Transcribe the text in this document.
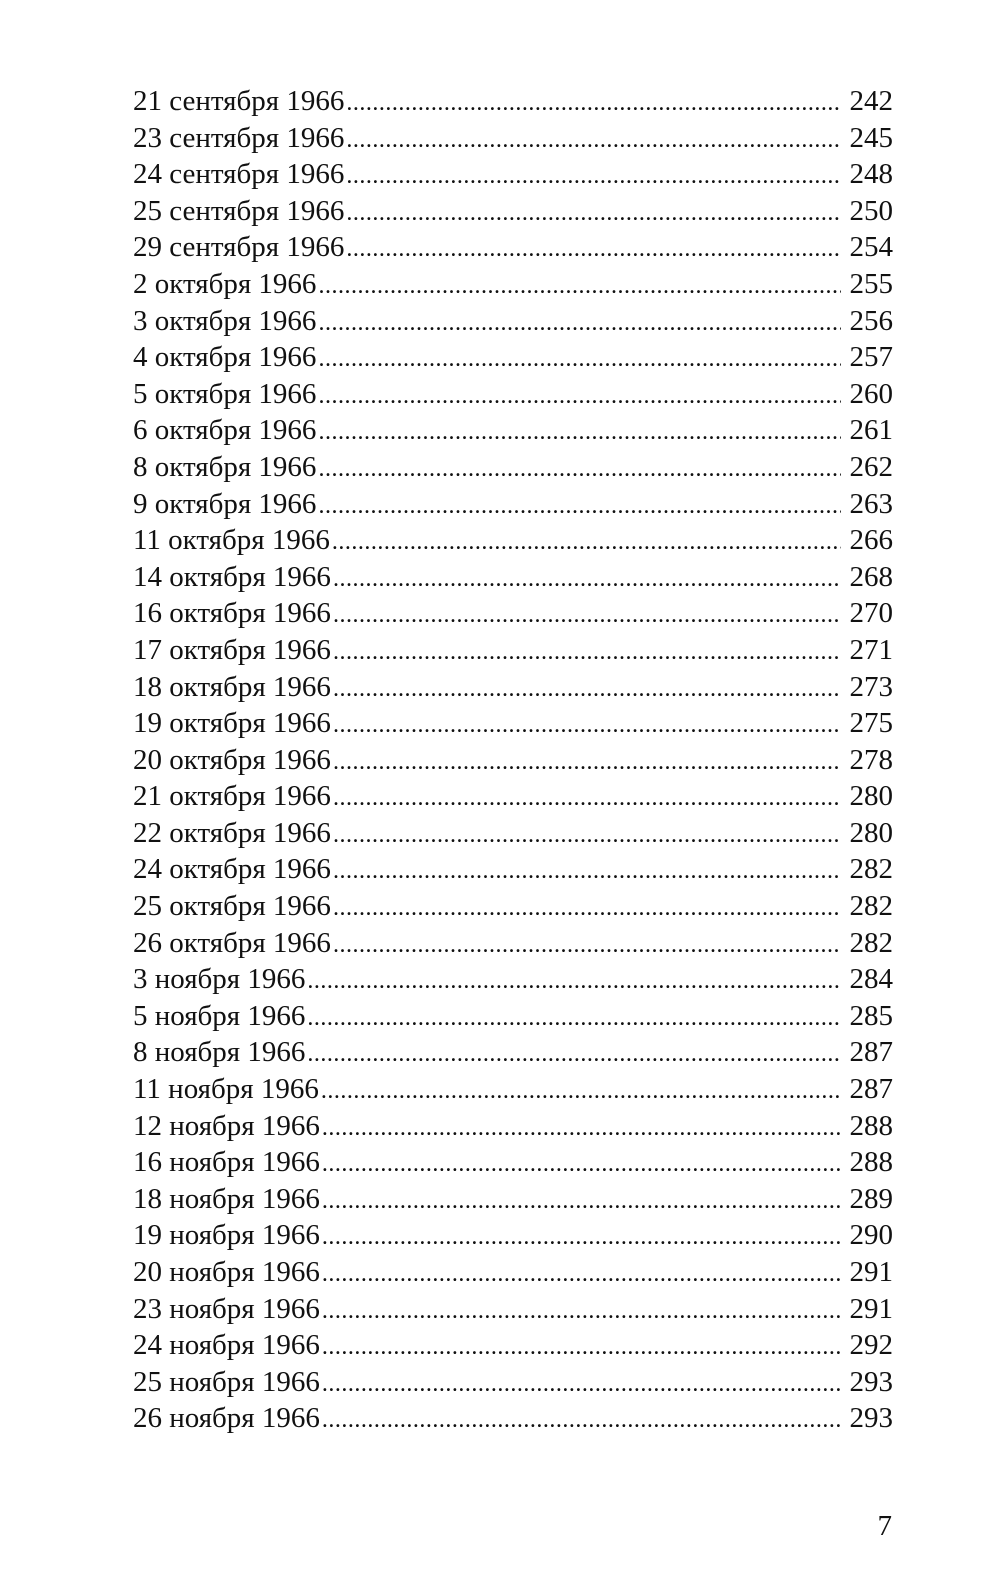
21 сентября 1966 .....	242
23 сентября 1966 .....	245
24 сентября 1966 .....	248
25 сентября 1966 .....	250
29 сентября 1966 .....	254
2 октября 1966 .....	255
3 октября 1966 .....	256
4 октября 1966 .....	257
5 октября 1966 .....	260
6 октября 1966 .....	261
8 октября 1966 .....	262
9 октября 1966 .....	263
11 октября 1966 .....	266
14 октября 1966 .....	268
16 октября 1966 .....	270
17 октября 1966 .....	271
18 октября 1966 .....	273
19 октября 1966 .....	275
20 октября 1966 .....	278
21 октября 1966 .....	280
22 октября 1966 .....	280
24 октября 1966 .....	282
25 октября 1966 .....	282
26 октября 1966 .....	282
3 ноября 1966 .....	284
5 ноября 1966 .....	285
8 ноября 1966 .....	287
11 ноября 1966 .....	287
12 ноября 1966 .....	288
16 ноября 1966 .....	288
18 ноября 1966 .....	289
19 ноября 1966 .....	290
20 ноября 1966 .....	291
23 ноября 1966 .....	291
24 ноября 1966 .....	292
25 ноября 1966 .....	293
26 ноября 1966 .....	293
7
